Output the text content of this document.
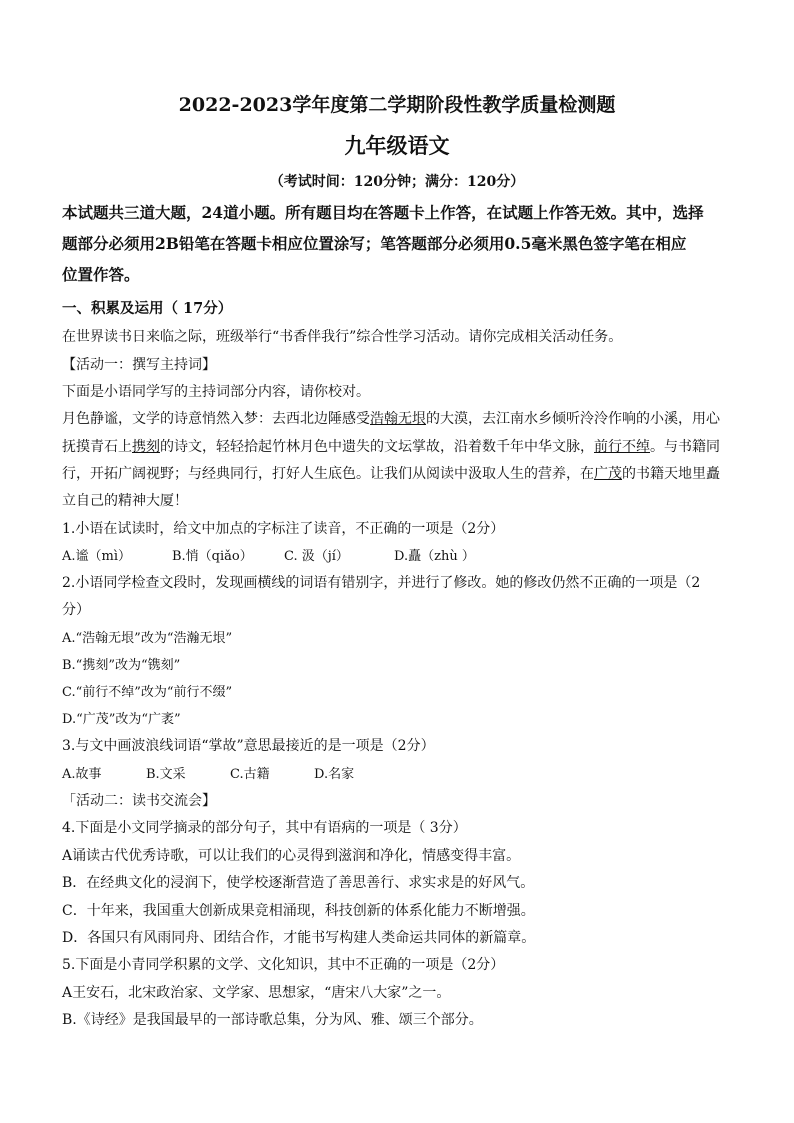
2022-2023学年度第二学期阶段性教学质量检测题
九年级语文
（考试时间：120分钟；满分：120分）
本试题共三道大题，24道小题。所有题目均在答题卡上作答，在试题上作答无效。其中，选择
题部分必须用2B铅笔在答题卡相应位置涂写；笔答题部分必须用0.5毫米黑色签字笔在相应
位置作答。
一、积累及运用（ 17分）
在世界读书日来临之际，班级举行“书香伴我行”综合性学习活动。请你完成相关活动任务。
【活动一：撰写主持词】
下面是小语同学写的主持词部分内容，请你校对。
月色静谧，文学的诗意悄然入梦：去西北边陲感受浩翰无垠的大漠，去江南水乡倾听泠泠作响的小溪，用心
抚摸青石上携刻的诗文，轻轻拾起竹林月色中遗失的文坛掌故，沿着数千年中华文脉，前行不绰。与书籍同
行，开拓广阔视野；与经典同行，打好人生底色。让我们从阅读中汲取人生的营养，在广茂的书籍天地里矗
立自己的精神大厦！
1.小语在试读时，给文中加点的字标注了读音，不正确的一项是（2分）
A.谧（mì）	B.悄（qiǎo） C. 汲（jí）	D.矗（zhù ）
2.小语同学检查文段时，发现画横线的词语有错别字，并进行了修改。她的修改仍然不正确的一项是（2
分）
A.“浩翰无垠”改为“浩瀚无垠”
B.“携刻”改为“镌刻”
C.“前行不绰”改为“前行不缀”
D.“广茂”改为“广袤”
3.与文中画波浪线词语“掌故”意思最接近的是一项是（2分）
A.故事	B.文采	C.古籍	D.名家
「活动二：读书交流会】
4.下面是小文同学摘录的部分句子，其中有语病的一项是（ 3分）
A诵读古代优秀诗歌，可以让我们的心灵得到滋润和净化，情感变得丰富。
B．在经典文化的浸润下，使学校逐渐营造了善思善行、求实求是的好风气。
C．十年来，我国重大创新成果竞相涌现，科技创新的体系化能力不断增强。
D．各国只有风雨同舟、团结合作，才能书写构建人类命运共同体的新篇章。
5.下面是小青同学积累的文学、文化知识，其中不正确的一项是（2分）
A王安石，北宋政治家、文学家、思想家，“唐宋八大家”之一。
B.《诗经》是我国最早的一部诗歌总集，分为风、雅、颂三个部分。
